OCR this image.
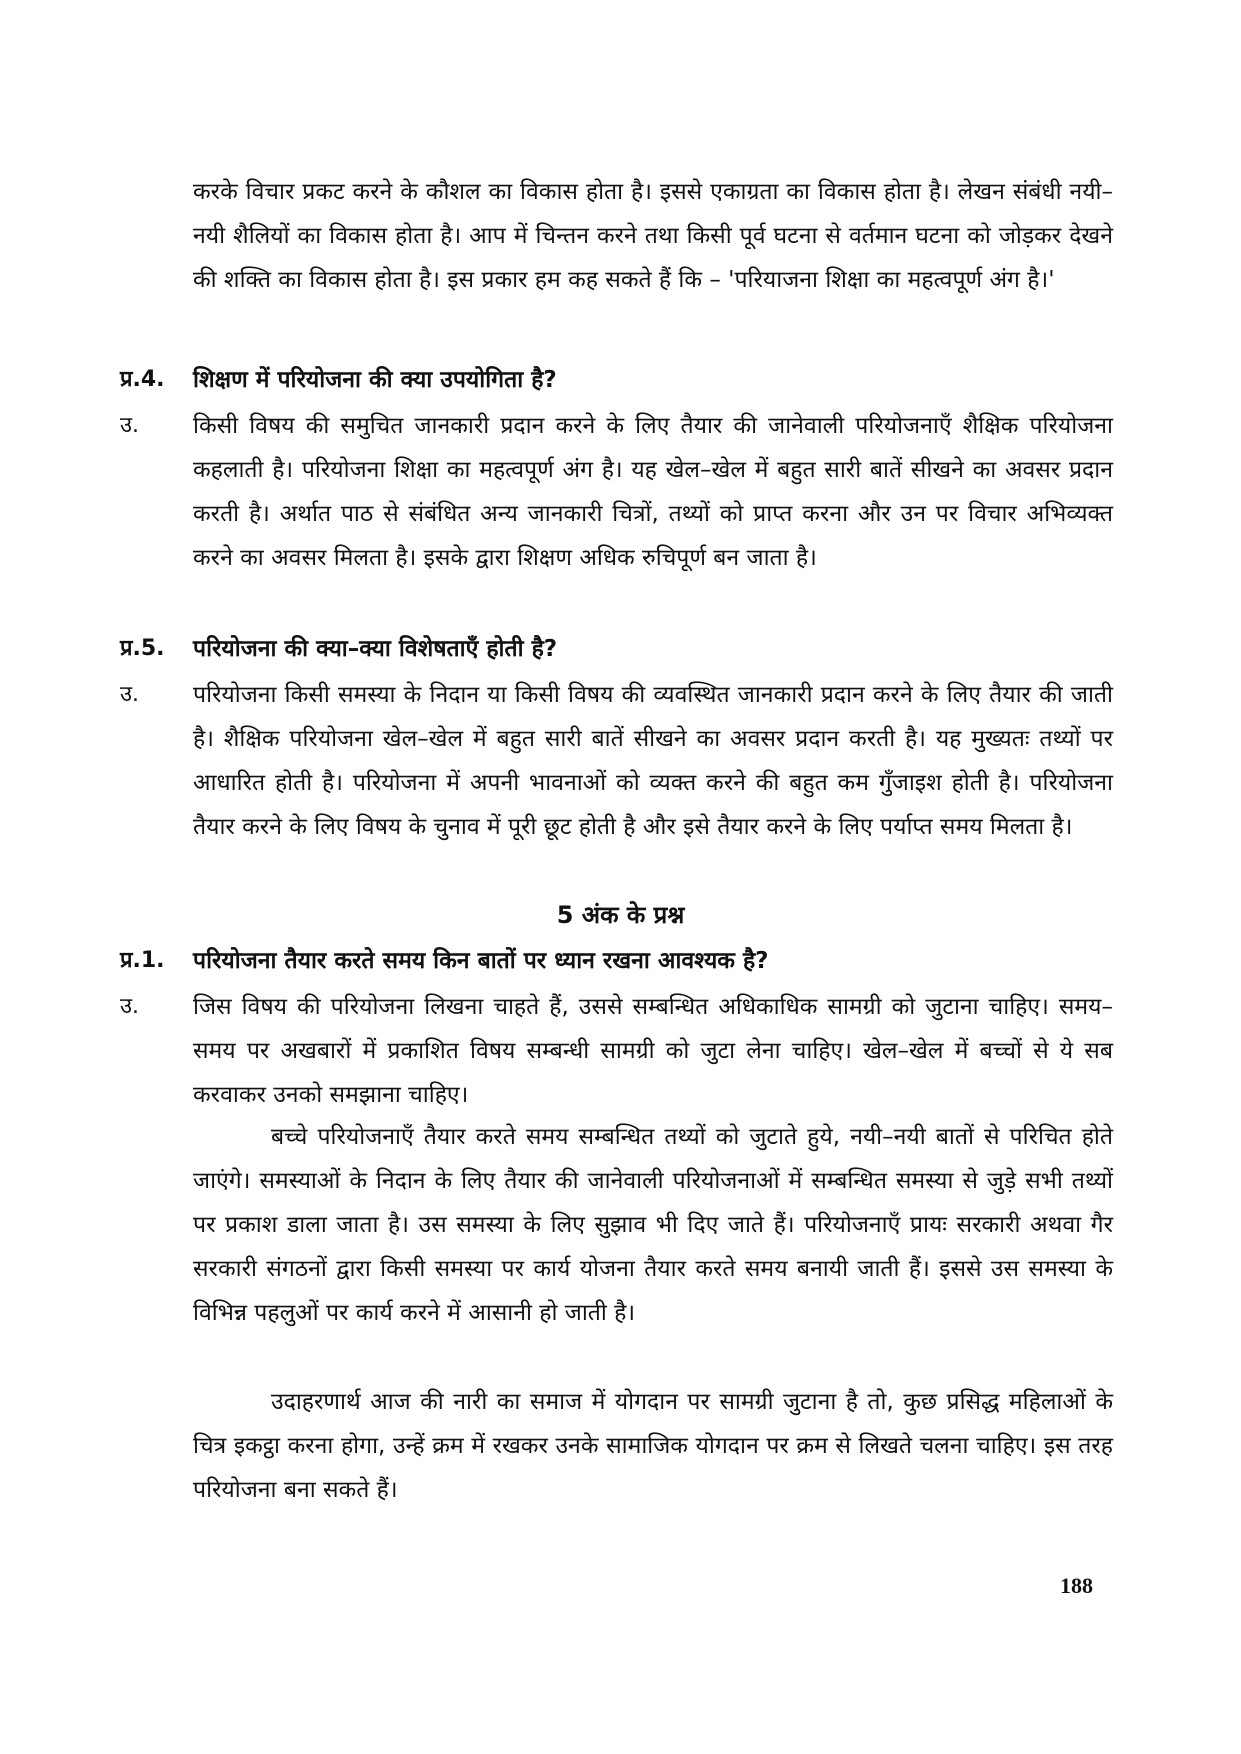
करके विचार प्रकट करने के कौशल का विकास होता है। इससे एकाग्रता का विकास होता है। लेखन संबंधी नयी–नयी शैलियों का विकास होता है। आप में चिन्तन करने तथा किसी पूर्व घटना से वर्तमान घटना को जोड़कर देखने की शक्ति का विकास होता है। इस प्रकार हम कह सकते हैं कि – 'परियाजना शिक्षा का महत्वपूर्ण अंग है।'

प्र.4. शिक्षण में परियोजना की क्या उपयोगिता है?

उ. किसी विषय की समुचित जानकारी प्रदान करने के लिए तैयार की जानेवाली परियोजनाएँ शैक्षिक परियोजना कहलाती है। परियोजना शिक्षा का महत्वपूर्ण अंग है। यह खेल–खेल में बहुत सारी बातें सीखने का अवसर प्रदान करती है। अर्थात पाठ से संबंधित अन्य जानकारी चित्रों, तथ्यों को प्राप्त करना और उन पर विचार अभिव्यक्त करने का अवसर मिलता है। इसके द्वारा शिक्षण अधिक रुचिपूर्ण बन जाता है।

प्र.5. परियोजना की क्या–क्या विशेषताएँ होती है?

उ. परियोजना किसी समस्या के निदान या किसी विषय की व्यवस्थित जानकारी प्रदान करने के लिए तैयार की जाती है। शैक्षिक परियोजना खेल–खेल में बहुत सारी बातें सीखने का अवसर प्रदान करती है। यह मुख्यतः तथ्यों पर आधारित होती है। परियोजना में अपनी भावनाओं को व्यक्त करने की बहुत कम गुँजाइश होती है। परियोजना तैयार करने के लिए विषय के चुनाव में पूरी छूट होती है और इसे तैयार करने के लिए पर्याप्त समय मिलता है।

5 अंक के प्रश्न

प्र.1. परियोजना तैयार करते समय किन बातों पर ध्यान रखना आवश्यक है?

उ. जिस विषय की परियोजना लिखना चाहते हैं, उससे सम्बन्धित अधिकाधिक सामग्री को जुटाना चाहिए। समय–समय पर अखबारों में प्रकाशित विषय सम्बन्धी सामग्री को जुटा लेना चाहिए। खेल–खेल में बच्चों से ये सब करवाकर उनको समझाना चाहिए।

बच्चे परियोजनाएँ तैयार करते समय सम्बन्धित तथ्यों को जुटाते हुये, नयी–नयी बातों से परिचित होते जाएंगे। समस्याओं के निदान के लिए तैयार की जानेवाली परियोजनाओं में सम्बन्धित समस्या से जुड़े सभी तथ्यों पर प्रकाश डाला जाता है। उस समस्या के लिए सुझाव भी दिए जाते हैं। परियोजनाएँ प्रायः सरकारी अथवा गैर सरकारी संगठनों द्वारा किसी समस्या पर कार्य योजना तैयार करते समय बनायी जाती हैं। इससे उस समस्या के विभिन्न पहलुओं पर कार्य करने में आसानी हो जाती है।

उदाहरणार्थ आज की नारी का समाज में योगदान पर सामग्री जुटाना है तो, कुछ प्रसिद्ध महिलाओं के चित्र इकट्ठा करना होगा, उन्हें क्रम में रखकर उनके सामाजिक योगदान पर क्रम से लिखते चलना चाहिए। इस तरह परियोजना बना सकते हैं।

188
